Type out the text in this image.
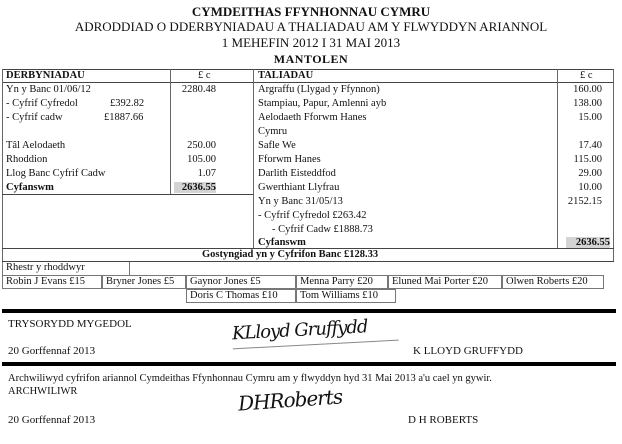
CYMDEITHAS FFYNHONNAU CYMRU
ADRODDIAD O DDERBYNIADAU A THALIADAU AM Y FLWYDDYN ARIANNOL
1 MEHEFIN 2012 I 31 MAI 2013
MANTOLEN
DERBYNIADAU	£ c
Yn y Banc 01/06/12	2280.48
- Cyfrif Cyfredol	£392.82
- Cyfrif cadw	£1887.66
Tâl Aelodaeth	250.00
Rhoddion	105.00
Llog Banc Cyfrif Cadw	1.07
Cyfanswm	2636.55
TALIADAU	£ c
Argraffu (Llygad y Ffynnon)	160.00
Stampiau, Papur, Amlenni ayb	138.00
Aelodaeth Fforwm Hanes	15.00
Cymru
Safle We	17.40
Fforwm Hanes	115.00
Darlith Eisteddfod	29.00
Gwerthiant Llyfrau	10.00
Yn y Banc 31/05/13	2152.15
- Cyfrif Cyfredol £263.42
- Cyfrif Cadw £1888.73
Cyfanswm	2636.55
Gostyngiad yn y Cyfrifon Banc £128.33
Rhestr y rhoddwyr
Robin J Evans £15	Bryner Jones £5	Gaynor Jones £5	Menna Parry £20	Eluned Mai Porter £20	Olwen Roberts £20
Doris C Thomas £10	Tom Williams £10
TRYSORYDD MYGEDOL	KLloyd Gruffydd
20 Gorffennaf 2013	K LLOYD GRUFFYDD
Archwiliwyd cyfrifon ariannol Cymdeithas Ffynhonnau Cymru am y flwyddyn hyd 31 Mai 2013 a'u cael yn gywir.
ARCHWILIWR	DHRoberts
20 Gorffennaf 2013	D H ROBERTS
